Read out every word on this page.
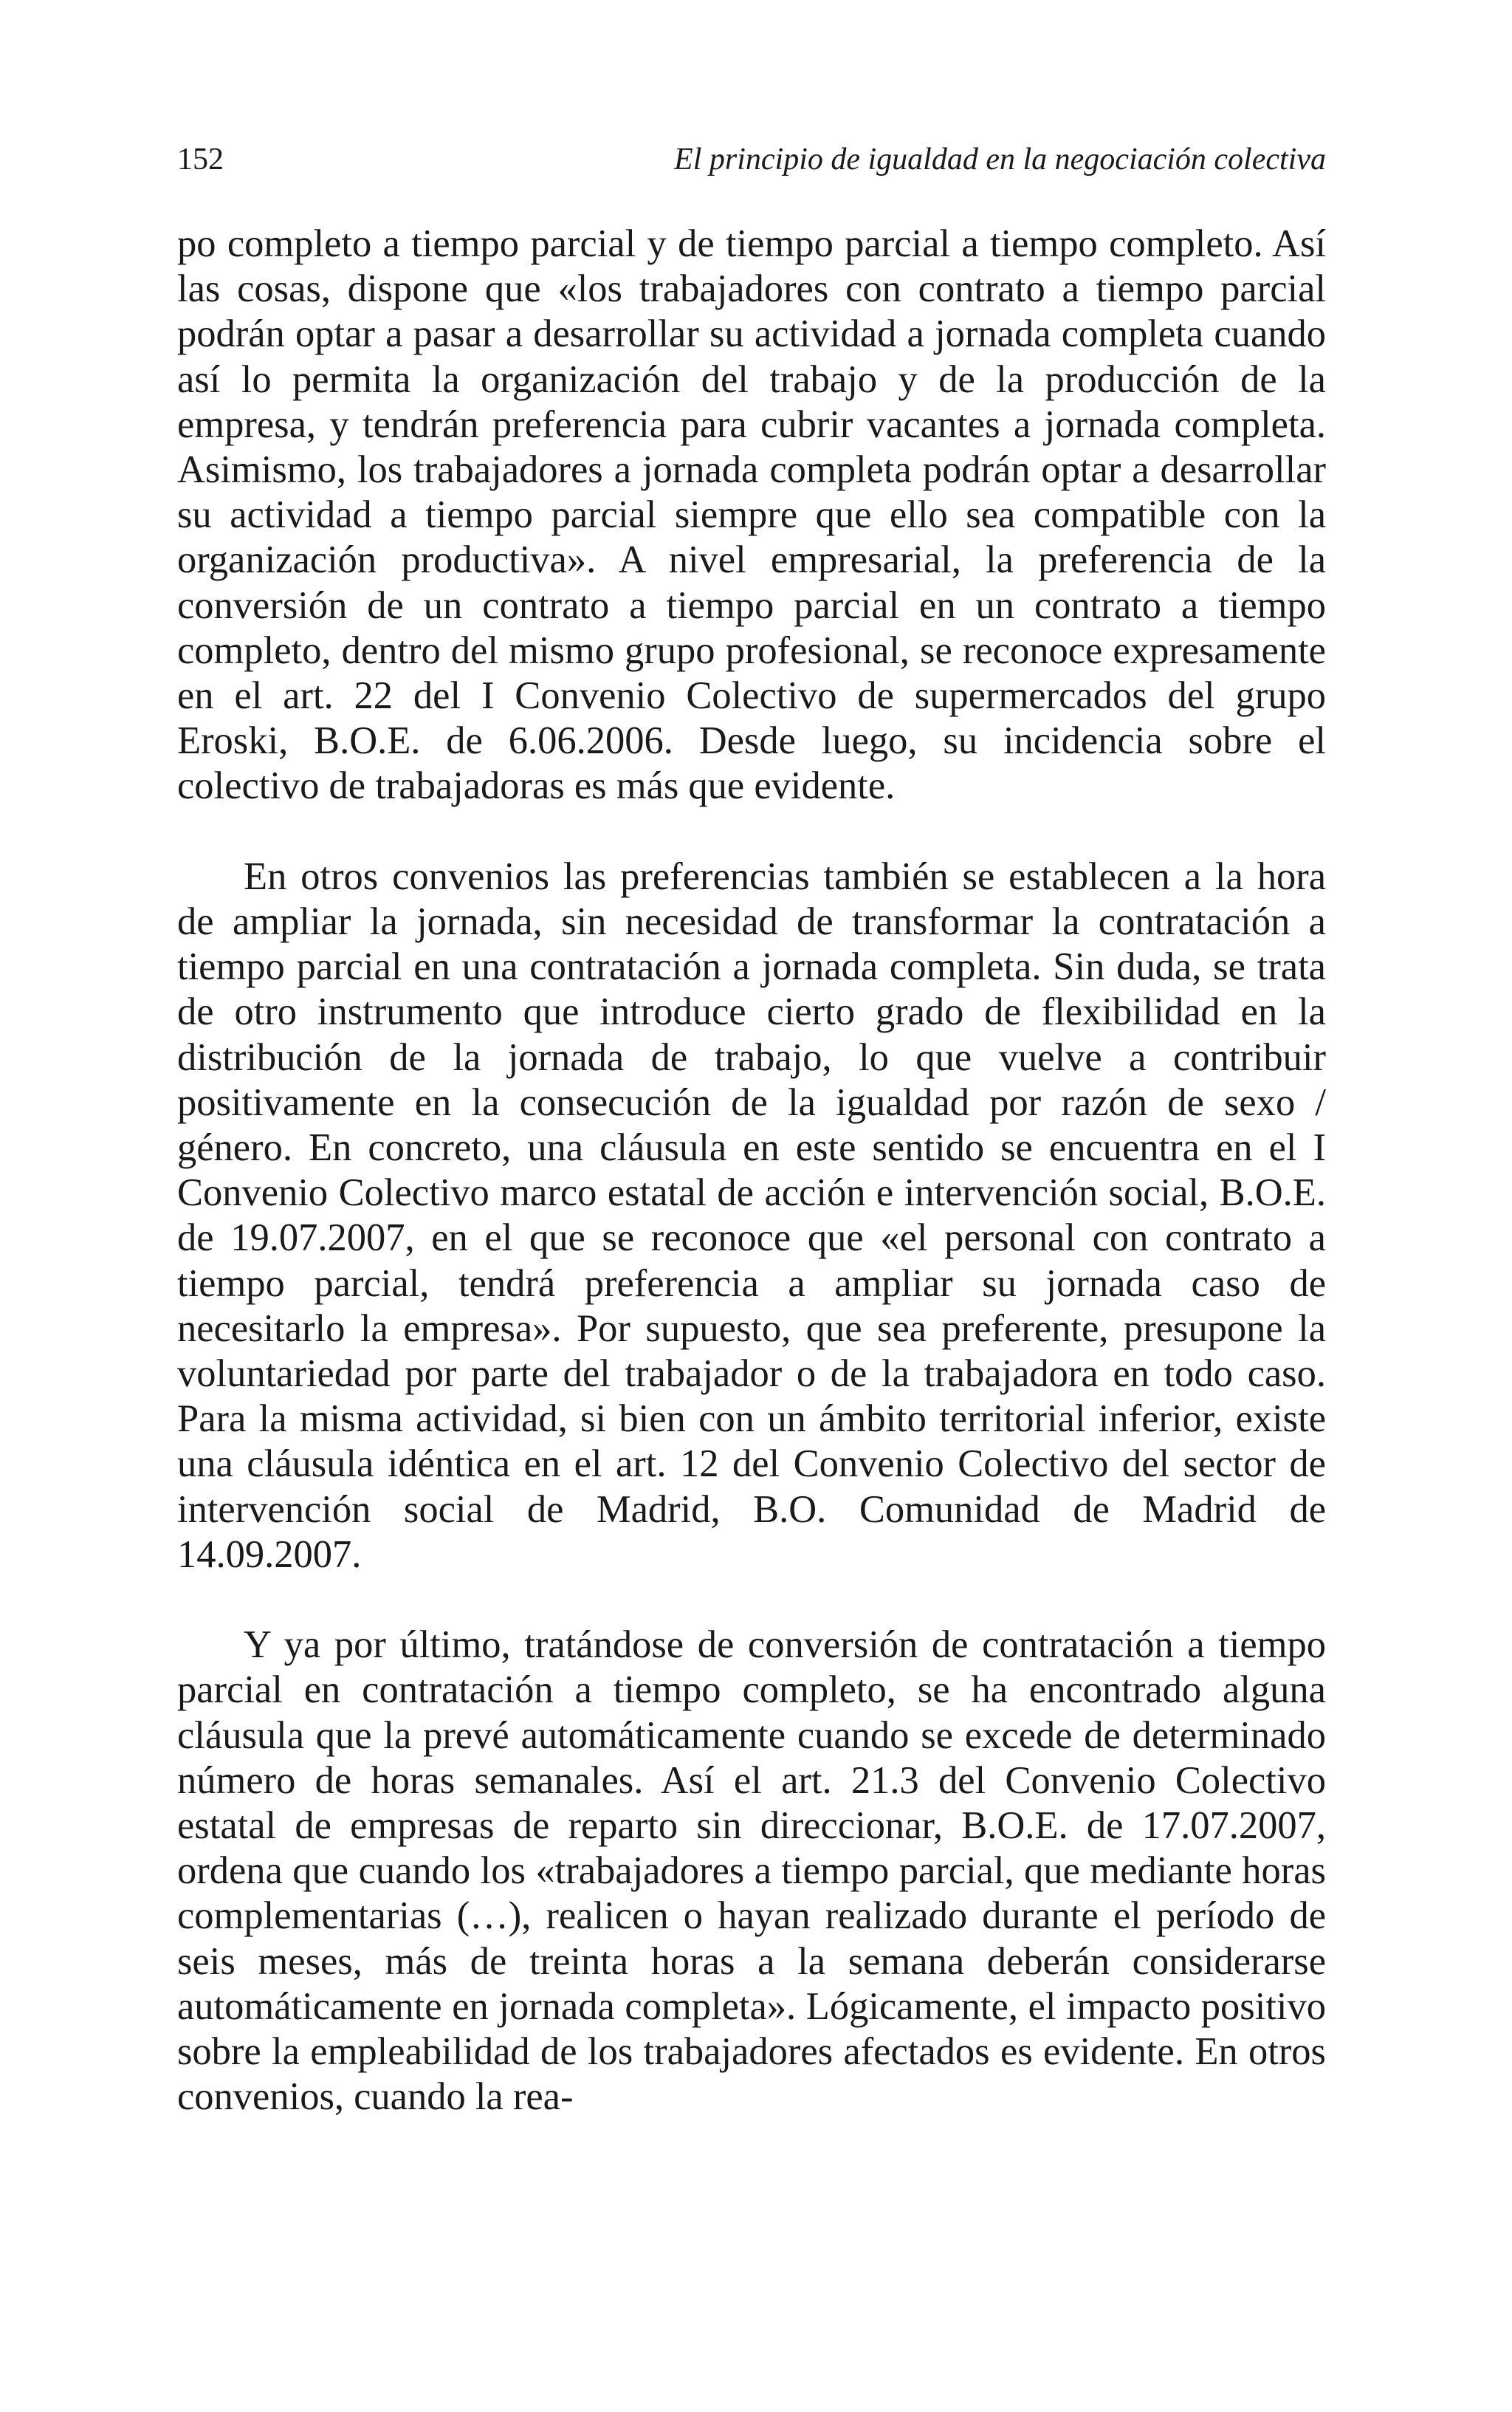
152	El principio de igualdad en la negociación colectiva

po completo a tiempo parcial y de tiempo parcial a tiempo completo. Así las cosas, dispone que «los trabajadores con contrato a tiempo parcial podrán optar a pasar a desarrollar su actividad a jornada completa cuando así lo permita la organización del trabajo y de la producción de la empresa, y tendrán preferencia para cubrir vacantes a jornada completa. Asimismo, los trabajadores a jornada completa podrán optar a desarrollar su actividad a tiempo parcial siempre que ello sea compatible con la organización productiva». A nivel empresarial, la preferencia de la conversión de un contrato a tiempo parcial en un contrato a tiempo completo, dentro del mismo grupo profesional, se reconoce expresamente en el art. 22 del I Convenio Colectivo de supermercados del grupo Eroski, B.O.E. de 6.06.2006. Desde luego, su incidencia sobre el colectivo de trabajadoras es más que evidente.

En otros convenios las preferencias también se establecen a la hora de ampliar la jornada, sin necesidad de transformar la contratación a tiempo parcial en una contratación a jornada completa. Sin duda, se trata de otro instrumento que introduce cierto grado de flexibilidad en la distribución de la jornada de trabajo, lo que vuelve a contribuir positivamente en la consecución de la igualdad por razón de sexo / género. En concreto, una cláusula en este sentido se encuentra en el I Convenio Colectivo marco estatal de acción e intervención social, B.O.E. de 19.07.2007, en el que se reconoce que «el personal con contrato a tiempo parcial, tendrá preferencia a ampliar su jornada caso de necesitarlo la empresa». Por supuesto, que sea preferente, presupone la voluntariedad por parte del trabajador o de la trabajadora en todo caso. Para la misma actividad, si bien con un ámbito territorial inferior, existe una cláusula idéntica en el art. 12 del Convenio Colectivo del sector de intervención social de Madrid, B.O. Comunidad de Madrid de 14.09.2007.

Y ya por último, tratándose de conversión de contratación a tiempo parcial en contratación a tiempo completo, se ha encontrado alguna cláusula que la prevé automáticamente cuando se excede de determinado número de horas semanales. Así el art. 21.3 del Convenio Colectivo estatal de empresas de reparto sin direccionar, B.O.E. de 17.07.2007, ordena que cuando los «trabajadores a tiempo parcial, que mediante horas complementarias (…), realicen o hayan realizado durante el período de seis meses, más de treinta horas a la semana deberán considerarse automáticamente en jornada completa». Lógicamente, el impacto positivo sobre la empleabilidad de los trabajadores afectados es evidente. En otros convenios, cuando la rea-
